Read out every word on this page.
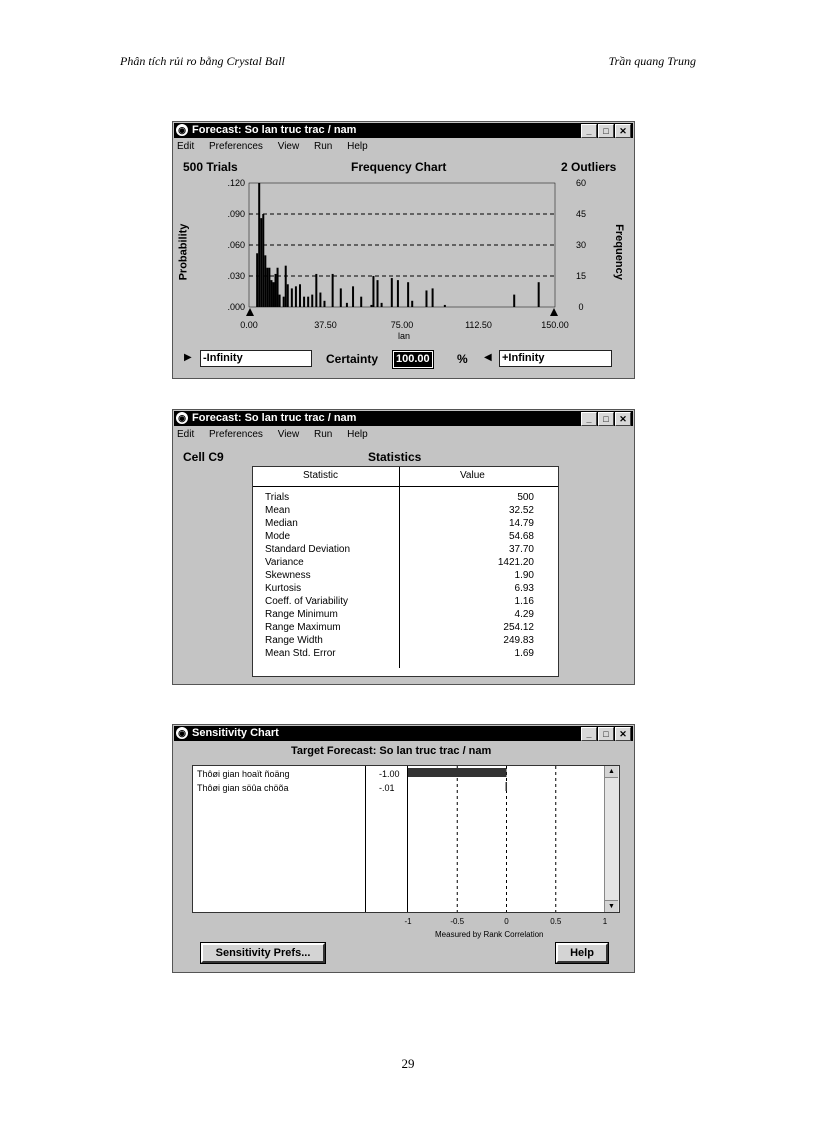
Phân tích rủi ro bằng Crystal Ball	Trần quang Trung
◉ Forecast: So lan truc trac / nam	_ □ ✕
Edit Preferences View Run Help
500 Trials	Frequency Chart	2 Outliers
Probability	Frequency
.000	0
.030	15
.060	30
.090	45
.120	60
0.00	37.50	75.00	112.50	150.00
lan
▶ -Infinity	Certainty 100.00 % ◀ +Infinity
◉ Forecast: So lan truc trac / nam	_ □ ✕
Edit Preferences View Run Help
Cell C9	Statistics
Statistic	Value
Trials	500
Mean	32.52
Median	14.79
Mode	54.68
Standard Deviation	37.70
Variance	1421.20
Skewness	1.90
Kurtosis	6.93
Coeff. of Variability	1.16
Range Minimum	4.29
Range Maximum	254.12
Range Width	249.83
Mean Std. Error	1.69
◉ Sensitivity Chart	_ □ ✕
Target Forecast: So lan truc trac / nam
▲
▼
Thôøi gian hoaït ñoäng	-1.00
Thôøi gian söûa chöõa	-.01
-1	-0.5	0	0.5	1
Measured by Rank Correlation
Sensitivity Prefs...	Help
29
